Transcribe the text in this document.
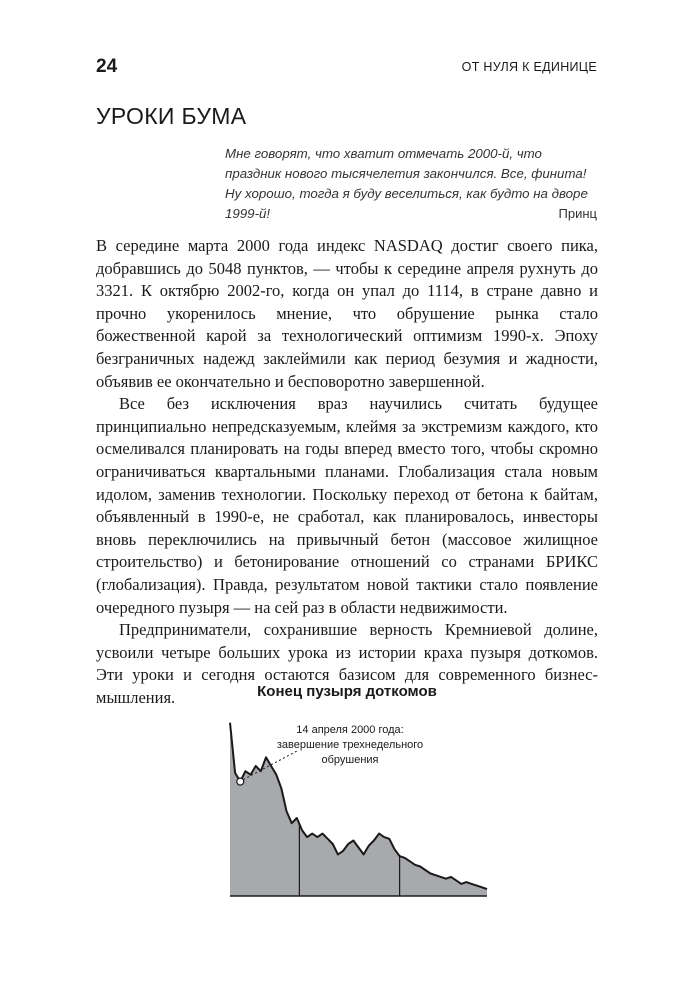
24	ОТ НУЛЯ К ЕДИНИЦЕ
УРОКИ БУМА
Мне говорят, что хватит отмечать 2000-й, что праздник нового тысячелетия закончился. Все, финита! Ну хорошо, тогда я буду веселиться, как будто на дворе 1999-й!	Принц

В середине марта 2000 года индекс NASDAQ достиг своего пика, добравшись до 5048 пунктов, — чтобы к середине апреля рухнуть до 3321. К октябрю 2002-го, когда он упал до 1114, в стране давно и прочно укоренилось мнение, что обрушение рынка стало божественной карой за технологический оптимизм 1990-х. Эпоху безграничных надежд заклеймили как период безумия и жадности, объявив ее окончательно и бесповоротно завершенной.

Все без исключения враз научились считать будущее принципиально непредсказуемым, клеймя за экстремизм каждого, кто осмеливался планировать на годы вперед вместо того, чтобы скромно ограничиваться квартальными планами. Глобализация стала новым идолом, заменив технологии. Поскольку переход от бетона к байтам, объявленный в 1990-е, не сработал, как планировалось, инвесторы вновь переключились на привычный бетон (массовое жилищное строительство) и бетонирование отношений со странами БРИКС (глобализация). Правда, результатом новой тактики стало появление очередного пузыря — на сей раз в области недвижимости.

Предприниматели, сохранившие верность Кремниевой долине, усвоили четыре больших урока из истории краха пузыря доткомов. Эти уроки и сегодня остаются базисом для современного бизнес-мышления.	Конец пузыря доткомов
14 апреля 2000 года:
завершение трехнедельного
обрушения
